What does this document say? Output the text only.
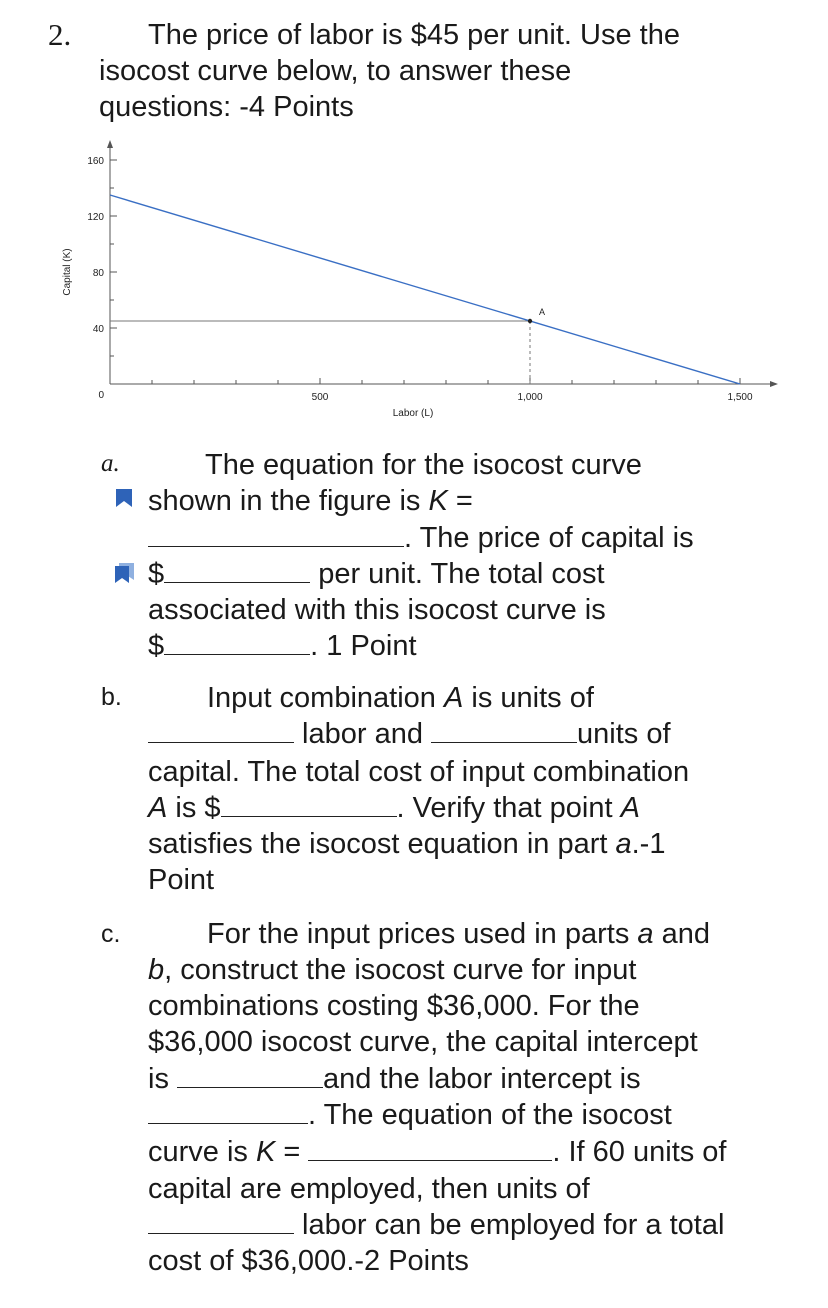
2.	The price of labor is $45 per unit. Use the
isocost curve below, to answer these
questions: -4 Points
0
40
80
120
160
500	1,000	1,500
Labor (L)
Capital (K)
A
a.	The equation for the isocost curve
shown in the figure is K =
. The price of capital is
$	per unit. The total cost
associated with this isocost curve is
$	. 1 Point
b.	Input combination A is units of
labor and	units of
capital. The total cost of input combination
A is $	. Verify that point A
satisfies the isocost equation in part a.-1
Point
c.	For the input prices used in parts a and
b, construct the isocost curve for input
combinations costing $36,000. For the
$36,000 isocost curve, the capital intercept
is	and the labor intercept is
. The equation of the isocost
curve is K =	. If 60 units of
capital are employed, then units of
labor can be employed for a total
cost of $36,000.-2 Points
